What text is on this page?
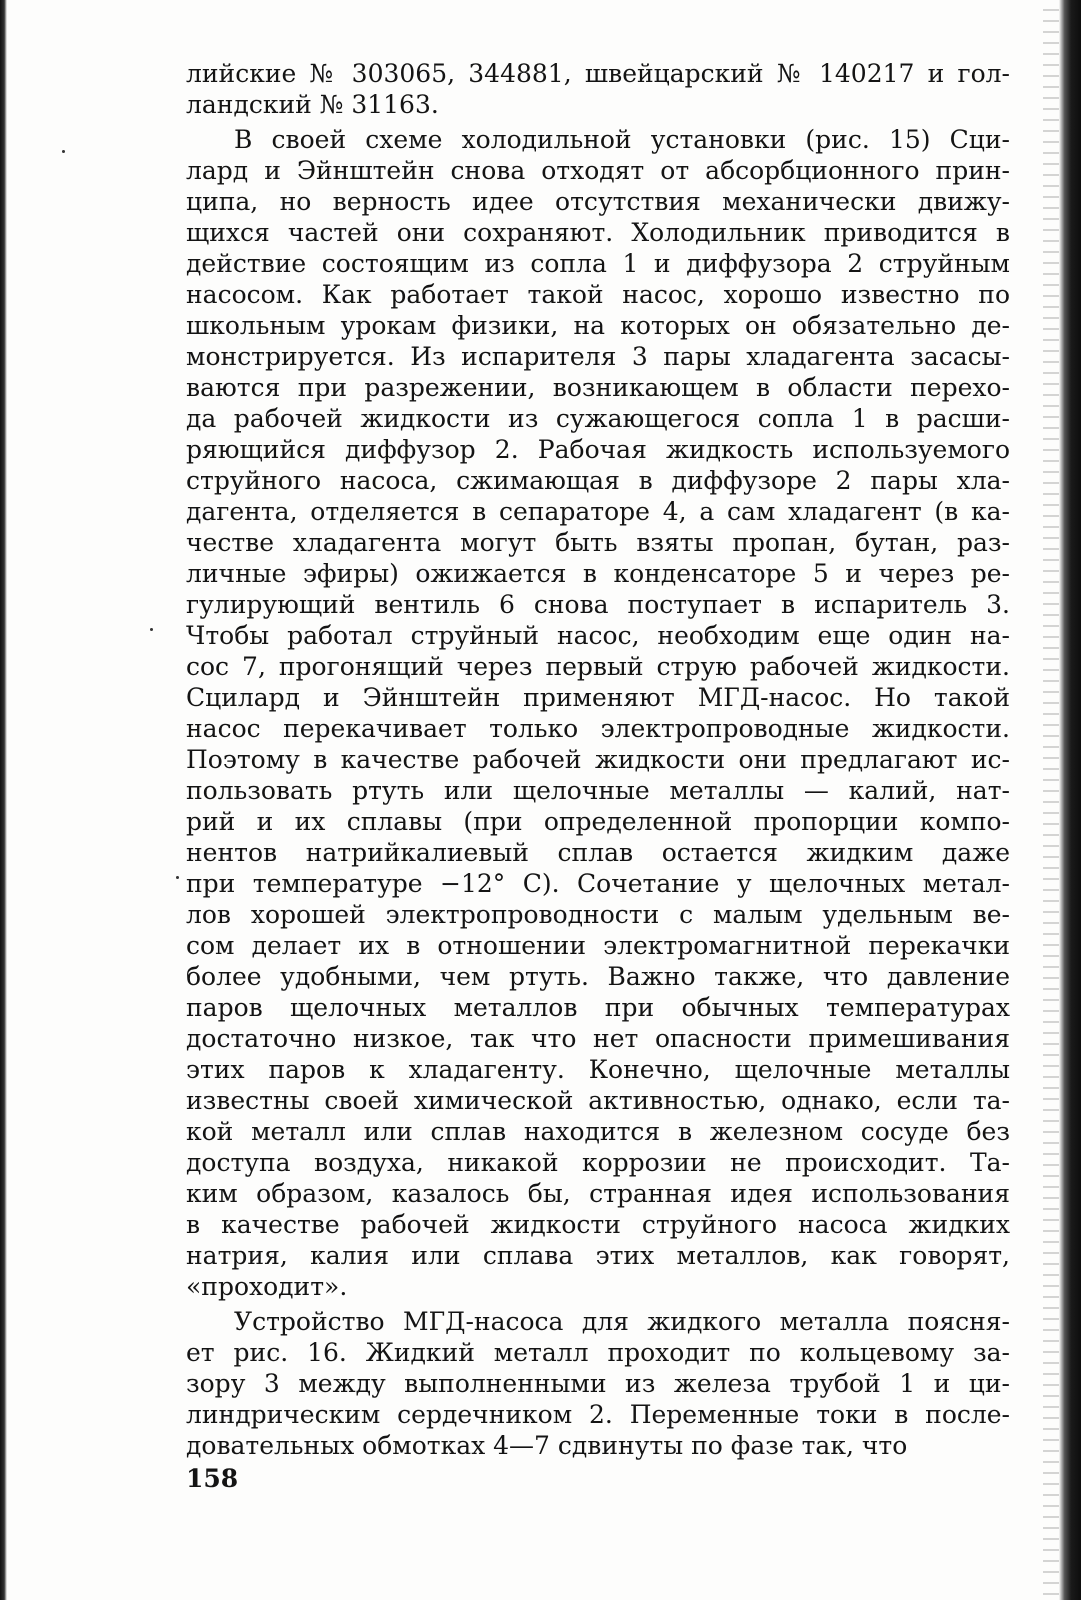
лийские № 303065, 344881, швейцарский № 140217 и гол-
ландский № 31163.
В своей схеме холодильной установки (рис. 15) Сци-
лард и Эйнштейн снова отходят от абсорбционного прин-
ципа, но верность идее отсутствия механически движу-
щихся частей они сохраняют. Холодильник приводится в
действие состоящим из сопла 1 и диффузора 2 струйным
насосом. Как работает такой насос, хорошо известно по
школьным урокам физики, на которых он обязательно де-
монстрируется. Из испарителя 3 пары хладагента засасы-
ваются при разрежении, возникающем в области перехо-
да рабочей жидкости из сужающегося сопла 1 в расши-
ряющийся диффузор 2. Рабочая жидкость используемого
струйного насоса, сжимающая в диффузоре 2 пары хла-
дагента, отделяется в сепараторе 4, а сам хладагент (в ка-
честве хладагента могут быть взяты пропан, бутан, раз-
личные эфиры) ожижается в конденсаторе 5 и через ре-
гулирующий вентиль 6 снова поступает в испаритель 3.
Чтобы работал струйный насос, необходим еще один на-
сос 7, прогонящий через первый струю рабочей жидкости.
Сцилард и Эйнштейн применяют МГД-насос. Но такой
насос перекачивает только электропроводные жидкости.
Поэтому в качестве рабочей жидкости они предлагают ис-
пользовать ртуть или щелочные металлы — калий, нат-
рий и их сплавы (при определенной пропорции компо-
нентов натрийкалиевый сплав остается жидким даже
при температуре −12° С). Сочетание у щелочных метал-
лов хорошей электропроводности с малым удельным ве-
сом делает их в отношении электромагнитной перекачки
более удобными, чем ртуть. Важно также, что давление
паров щелочных металлов при обычных температурах
достаточно низкое, так что нет опасности примешивания
этих паров к хладагенту. Конечно, щелочные металлы
известны своей химической активностью, однако, если та-
кой металл или сплав находится в железном сосуде без
доступа воздуха, никакой коррозии не происходит. Та-
ким образом, казалось бы, странная идея использования
в качестве рабочей жидкости струйного насоса жидких
натрия, калия или сплава этих металлов, как говорят,
«проходит».
Устройство МГД-насоса для жидкого металла поясня-
ет рис. 16. Жидкий металл проходит по кольцевому за-
зору 3 между выполненными из железа трубой 1 и ци-
линдрическим сердечником 2. Переменные токи в после-
довательных обмотках 4—7 сдвинуты по фазе так, что
158
